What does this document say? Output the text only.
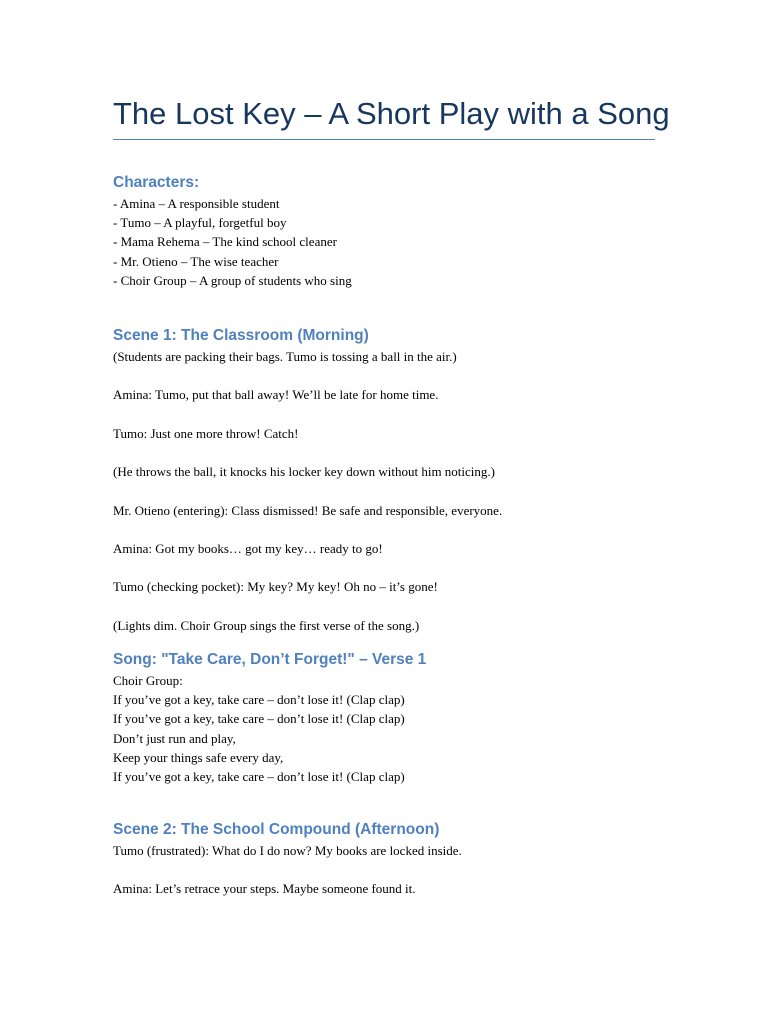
The Lost Key – A Short Play with a Song
Characters:
- Amina – A responsible student
- Tumo – A playful, forgetful boy
- Mama Rehema – The kind school cleaner
- Mr. Otieno – The wise teacher
- Choir Group – A group of students who sing
Scene 1: The Classroom (Morning)
(Students are packing their bags. Tumo is tossing a ball in the air.)
Amina: Tumo, put that ball away! We’ll be late for home time.
Tumo: Just one more throw! Catch!
(He throws the ball, it knocks his locker key down without him noticing.)
Mr. Otieno (entering): Class dismissed! Be safe and responsible, everyone.
Amina: Got my books… got my key… ready to go!
Tumo (checking pocket): My key? My key! Oh no – it’s gone!
(Lights dim. Choir Group sings the first verse of the song.)
Song: "Take Care, Don’t Forget!" – Verse 1
Choir Group:
If you’ve got a key, take care – don’t lose it! (Clap clap)
If you’ve got a key, take care – don’t lose it! (Clap clap)
Don’t just run and play,
Keep your things safe every day,
If you’ve got a key, take care – don’t lose it! (Clap clap)
Scene 2: The School Compound (Afternoon)
Tumo (frustrated): What do I do now? My books are locked inside.
Amina: Let’s retrace your steps. Maybe someone found it.
